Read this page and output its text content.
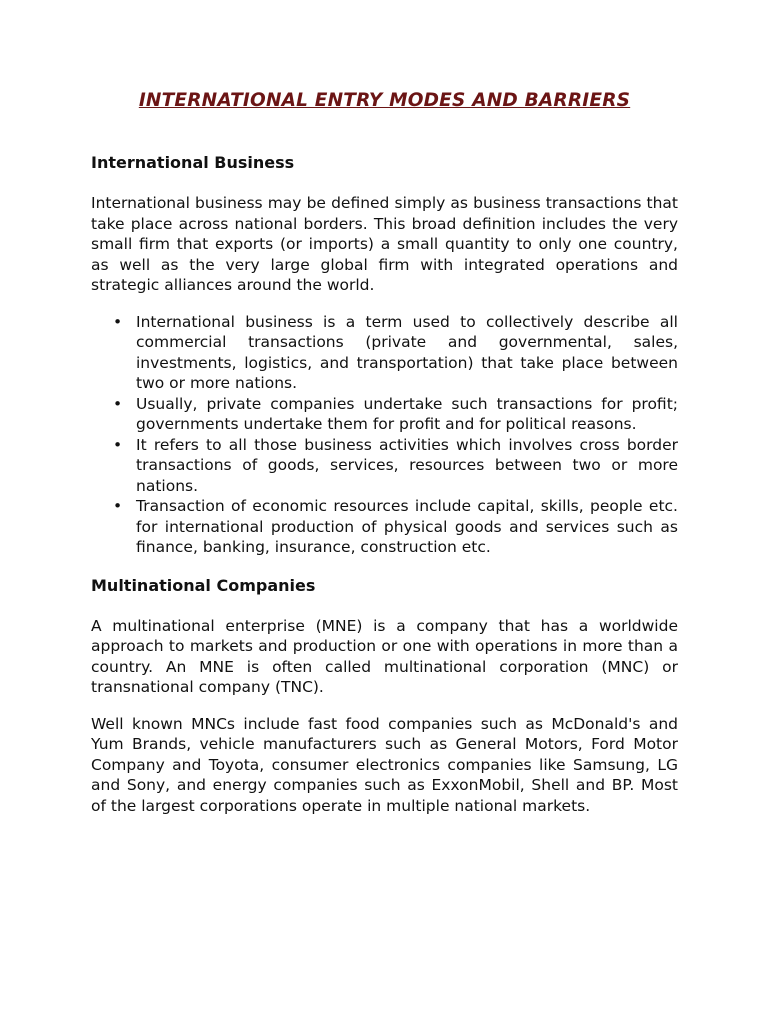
INTERNATIONAL ENTRY MODES AND BARRIERS
International Business

International business may be defined simply as business transactions that take place across national borders. This broad definition includes the very small firm that exports (or imports) a small quantity to only one country, as well as the very large global firm with integrated operations and strategic alliances around the world.

• International business is a term used to collectively describe all commercial transactions (private and governmental, sales, investments, logistics, and transportation) that take place between two or more nations.
• Usually, private companies undertake such transactions for profit; governments undertake them for profit and for political reasons.
• It refers to all those business activities which involves cross border transactions of goods, services, resources between two or more nations.
• Transaction of economic resources include capital, skills, people etc. for international production of physical goods and services such as finance, banking, insurance, construction etc.
Multinational Companies

A multinational enterprise (MNE) is a company that has a worldwide approach to markets and production or one with operations in more than a country. An MNE is often called multinational corporation (MNC) or transnational company (TNC).

Well known MNCs include fast food companies such as McDonald's and Yum Brands, vehicle manufacturers such as General Motors, Ford Motor Company and Toyota, consumer electronics companies like Samsung, LG and Sony, and energy companies such as ExxonMobil, Shell and BP. Most of the largest corporations operate in multiple national markets.
